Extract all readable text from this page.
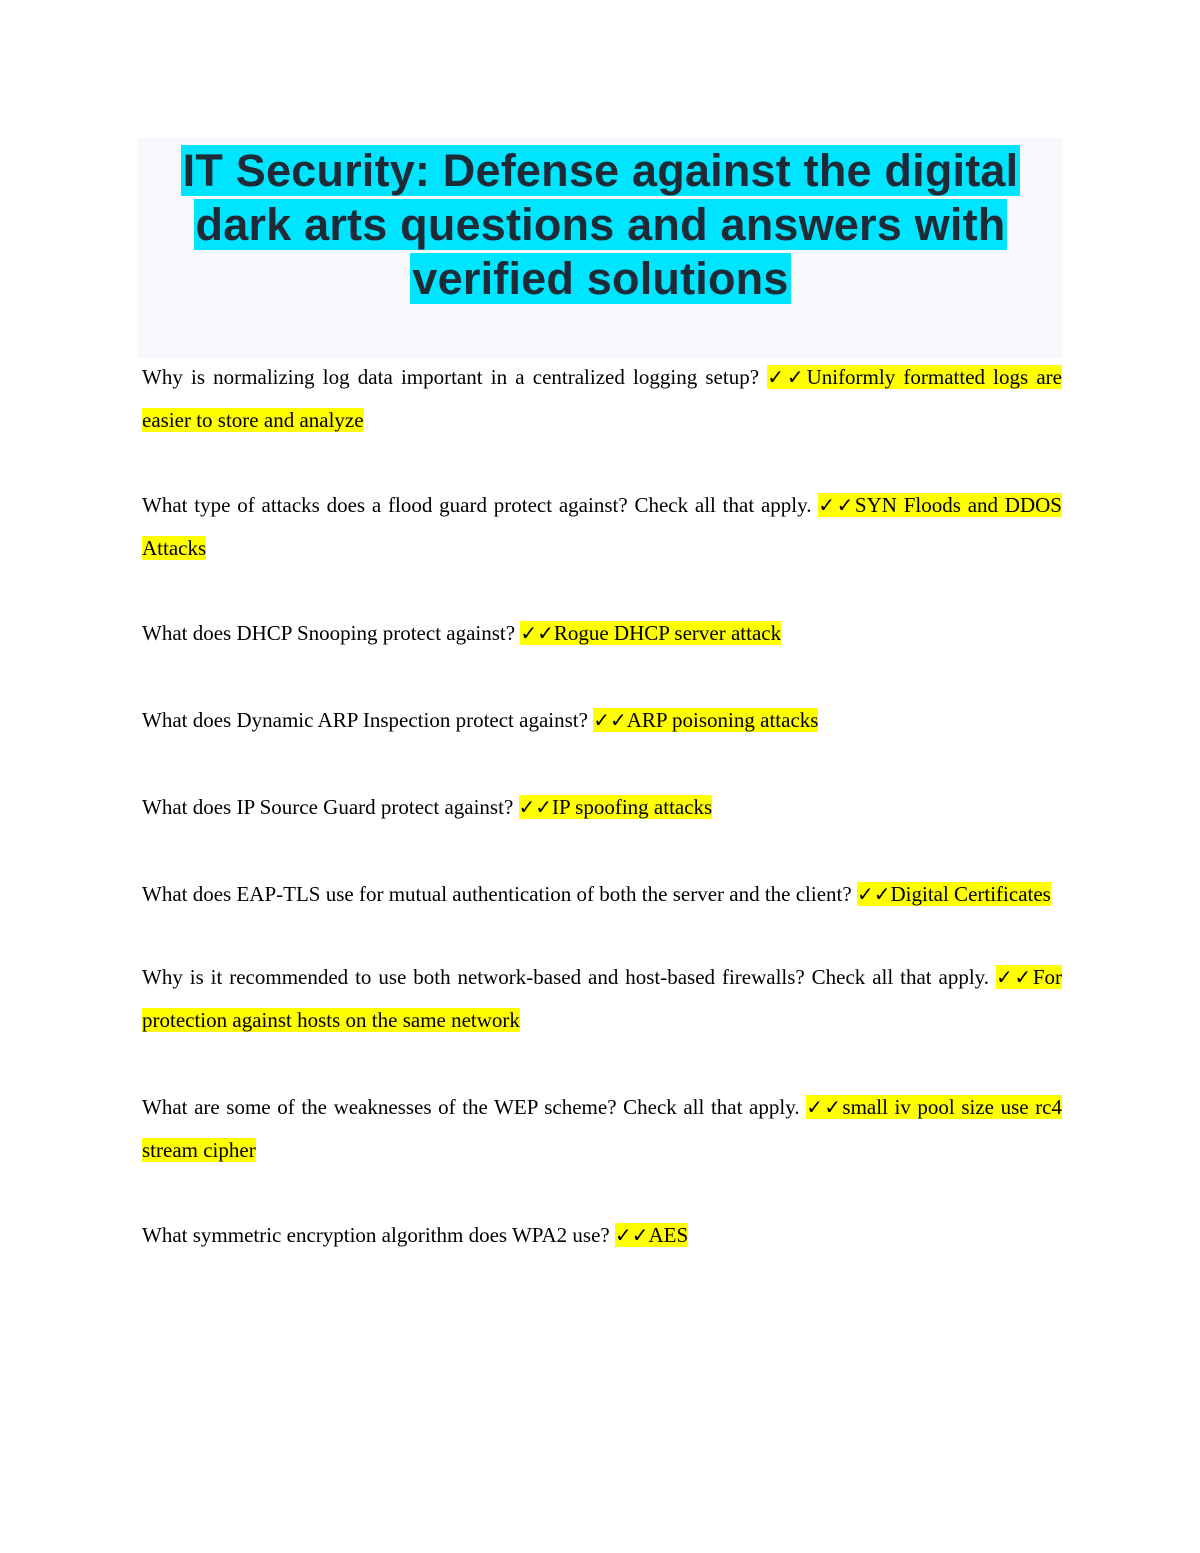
IT Security: Defense against the digital dark arts questions and answers with verified solutions
Why is normalizing log data important in a centralized logging setup? ✓✓Uniformly formatted logs are easier to store and analyze
What type of attacks does a flood guard protect against? Check all that apply. ✓✓SYN Floods and DDOS Attacks
What does DHCP Snooping protect against? ✓✓Rogue DHCP server attack
What does Dynamic ARP Inspection protect against? ✓✓ARP poisoning attacks
What does IP Source Guard protect against? ✓✓IP spoofing attacks
What does EAP-TLS use for mutual authentication of both the server and the client? ✓✓Digital Certificates
Why is it recommended to use both network-based and host-based firewalls? Check all that apply. ✓✓For protection against hosts on the same network
What are some of the weaknesses of the WEP scheme? Check all that apply. ✓✓small iv pool size use rc4 stream cipher
What symmetric encryption algorithm does WPA2 use? ✓✓AES
